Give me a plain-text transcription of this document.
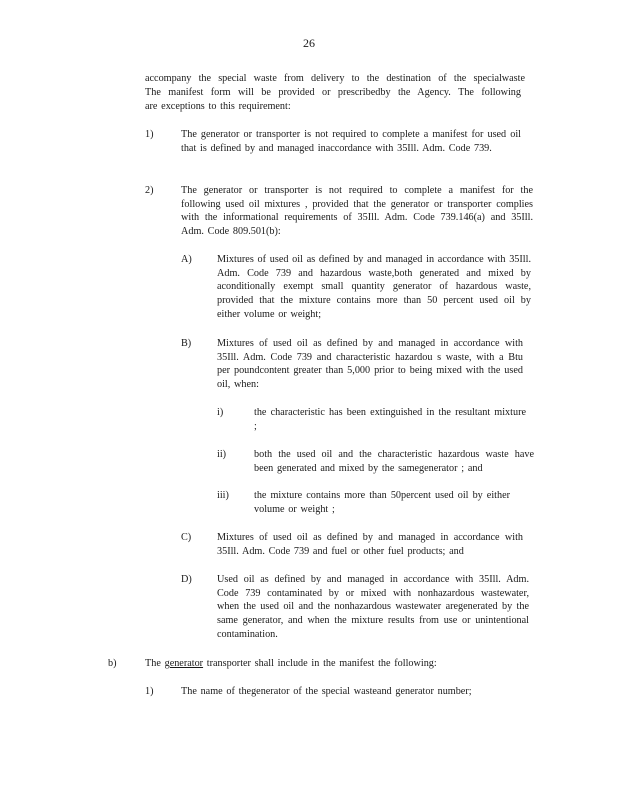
26
accompany the special waste from delivery to the destination of the specialwaste
The manifest form will be provided or prescribedby the Agency. The following
are exceptions to this requirement:
1)	The generator or transporter is not required to complete a manifest for used oil that is defined by and managed inaccordance with 35Ill. Adm. Code 739.
2)	The generator or transporter is not required to complete a manifest for the following used oil mixtures , provided that the generator or transporter complies with the informational requirements of 35Ill. Adm. Code 739.146(a) and 35Ill. Adm. Code 809.501(b):
A) Mixtures of used oil as defined by and managed in accordance with 35Ill. Adm. Code 739 and hazardous waste,both generated and mixed by aconditionally exempt small quantity generator of hazardous waste, provided that the mixture contains more than 50 percent used oil by either volume or weight;
B)	Mixtures of used oil as defined by and managed in accordance with 35Ill. Adm. Code 739 and characteristic hazardou s waste, with a Btu per poundcontent greater than 5,000 prior to being mixed with the used oil, when:
i)	the characteristic has been extinguished in the resultant mixture ;
ii)	both the used oil and the characteristic hazardous waste have been generated and mixed by the samegenerator ; and
iii) the mixture contains more than 50percent used oil by either volume or weight ;
C)	Mixtures of used oil as defined by and managed in accordance with 35Ill. Adm. Code 739 and fuel or other fuel products; and
D) Used oil as defined by and managed in accordance with 35Ill. Adm. Code 739 contaminated by or mixed with nonhazardous wastewater, when the used oil and the nonhazardous wastewater aregenerated by the same generator, and when the mixture results from use or unintentional contamination.
b)	The generator transporter shall include in the manifest the following:
1)	The name of thegenerator of the special wasteand generator number;
